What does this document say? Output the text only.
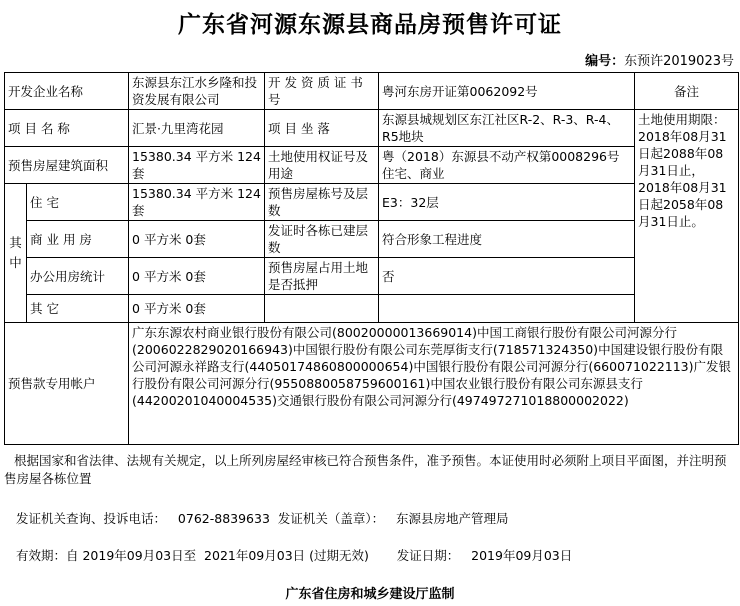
广东省河源东源县商品房预售许可证
编号：东预许2019023号
开发企业名称		东源县东江水乡隆和投资发展有限公司	开 发 资 质 证 书 号	粤河东房开证第0062092号	备注
项 目 名 称		汇景·九里湾花园	项 目 坐 落	东源县城规划区东江社区R-2、R-3、R-4、R5地块	土地使用期限：2018年08月31日起2088年08月31日止，2018年08月31日起2058年08月31日止。
预售房屋建筑面积		15380.34 平方米 124套	土地使用权证号及用途	粤（2018）东源县不动产权第0008296号 住宅、商业	
其 中	住 宅	15380.34 平方米 124套	预售房屋栋号及层数	E3：32层	
	商 业 用 房	0 平方米 0套	发证时各栋已建层数	符合形象工程进度	
	办公用房统计	0 平方米 0套	预售房屋占用土地是否抵押	否	
	其 它	0 平方米 0套			
预售款专用帐户		广东东源农村商业银行股份有限公司(80020000013669014)中国工商银行股份有限公司河源分行(2006022829020166943)中国银行股份有限公司东莞厚街支行(718571324350)中国建设银行股份有限公司河源永祥路支行(44050174860800000654)中国银行股份有限公司河源分行(660071022113)广发银行股份有限公司河源分行(9550880058759600161)中国农业银行股份有限公司东源县支行(44200201040004535)交通银行股份有限公司河源分行(497497271018800002022)			
根据国家和省法律、法规有关规定，以上所列房屋经审核已符合预售条件，准予预售。本证使用时必须附上项目平面图，并注明预售房屋各栋位置
发证机关查询、投诉电话：   0762-8839633  发证机关（盖章）：   东源县房地产管理局
有效期：自 2019年09月03日至  2021年09月03日 (过期无效)       发证日期：   2019年09月03日
广东省住房和城乡建设厅监制
